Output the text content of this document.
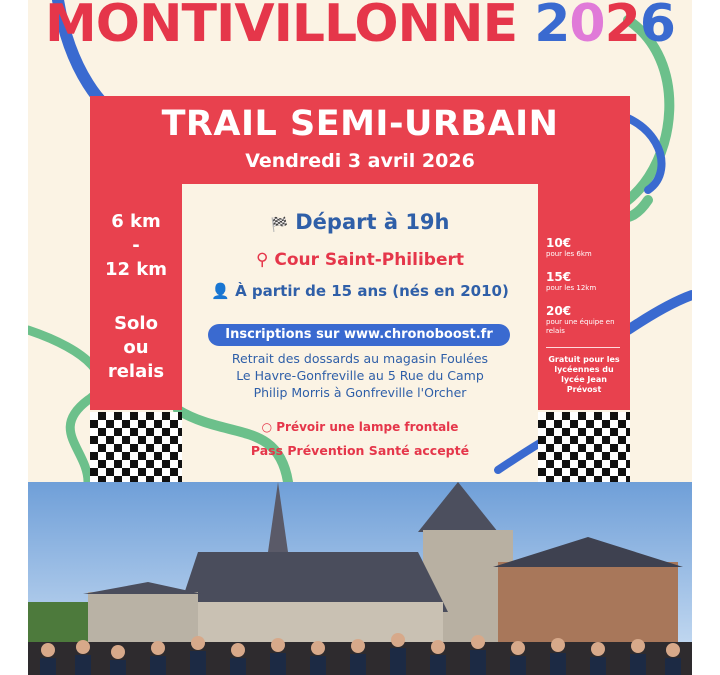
MONTIVILLONNE 2026
TRAIL SEMI-URBAIN
Vendredi 3 avril 2026
6 km
-
12 km
Solo
ou
relais
10€
pour les 6km
15€
pour les 12km
20€
pour une équipe en relais
Gratuit pour les lycéennes du lycée Jean Prévost
🏁 Départ à 19h
⚲ Cour Saint-Philibert
👤 À partir de 15 ans (nés en 2010)
Inscriptions sur www.chronoboost.fr
Retrait des dossards au magasin Foulées
Le Havre-Gonfreville au 5 Rue du Camp
Philip Morris à Gonfreville l'Orcher
○ Prévoir une lampe frontale
Pass Prévention Santé accepté
